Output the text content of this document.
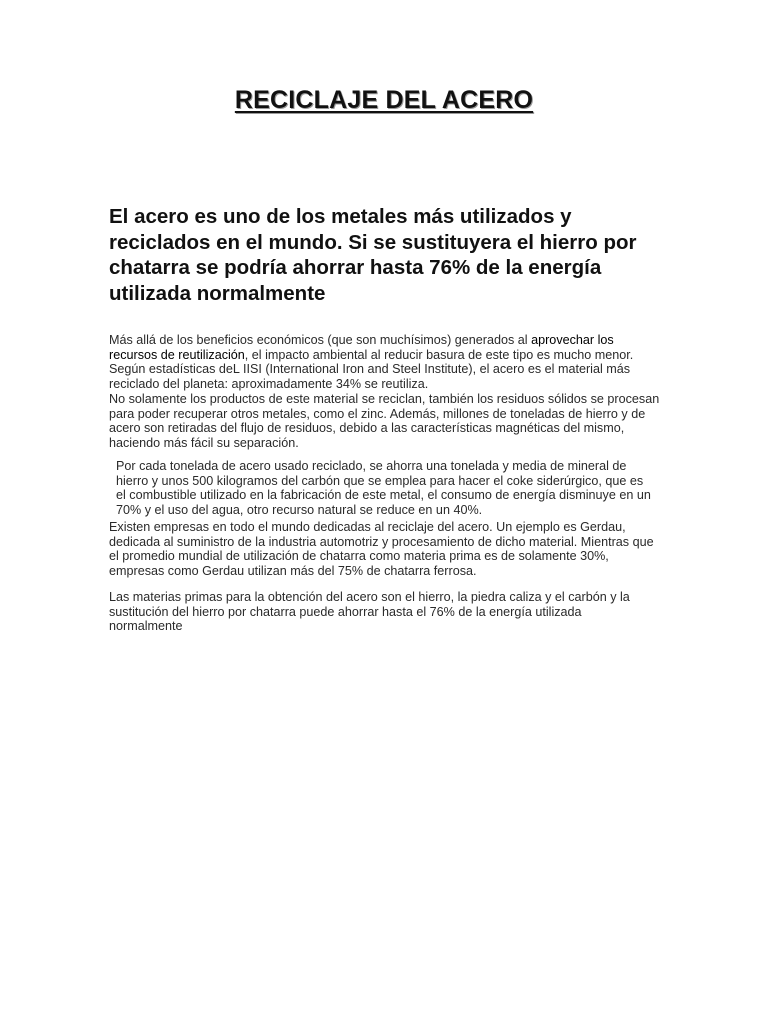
RECICLAJE DEL ACERO

El acero es uno de los metales más utilizados y reciclados en el mundo. Si se sustituyera el hierro por chatarra se podría ahorrar hasta 76% de la energía utilizada normalmente

Más allá de los beneficios económicos (que son muchísimos) generados al aprovechar los recursos de reutilización, el impacto ambiental al reducir basura de este tipo es mucho menor. Según estadísticas deL IISI (International Iron and Steel Institute), el acero es el material más reciclado del planeta: aproximadamente 34% se reutiliza.

No solamente los productos de este material se reciclan, también los residuos sólidos se procesan para poder recuperar otros metales, como el zinc. Además, millones de toneladas de hierro y de acero son retiradas del flujo de residuos, debido a las características magnéticas del mismo, haciendo más fácil su separación.

Por cada tonelada de acero usado reciclado, se ahorra una tonelada y media de mineral de hierro y unos 500 kilogramos del carbón que se emplea para hacer el coke siderúrgico, que es el combustible utilizado en la fabricación de este metal, el consumo de energía disminuye en un 70% y el uso del agua, otro recurso natural se reduce en un 40%.

Existen empresas en todo el mundo dedicadas al reciclaje del acero. Un ejemplo es Gerdau, dedicada al suministro de la industria automotriz y procesamiento de dicho material. Mientras que el promedio mundial de utilización de chatarra como materia prima es de solamente 30%, empresas como Gerdau utilizan más del 75% de chatarra ferrosa.

Las materias primas para la obtención del acero son el hierro, la piedra caliza y el carbón y la sustitución del hierro por chatarra puede ahorrar hasta el 76% de la energía utilizada normalmente
